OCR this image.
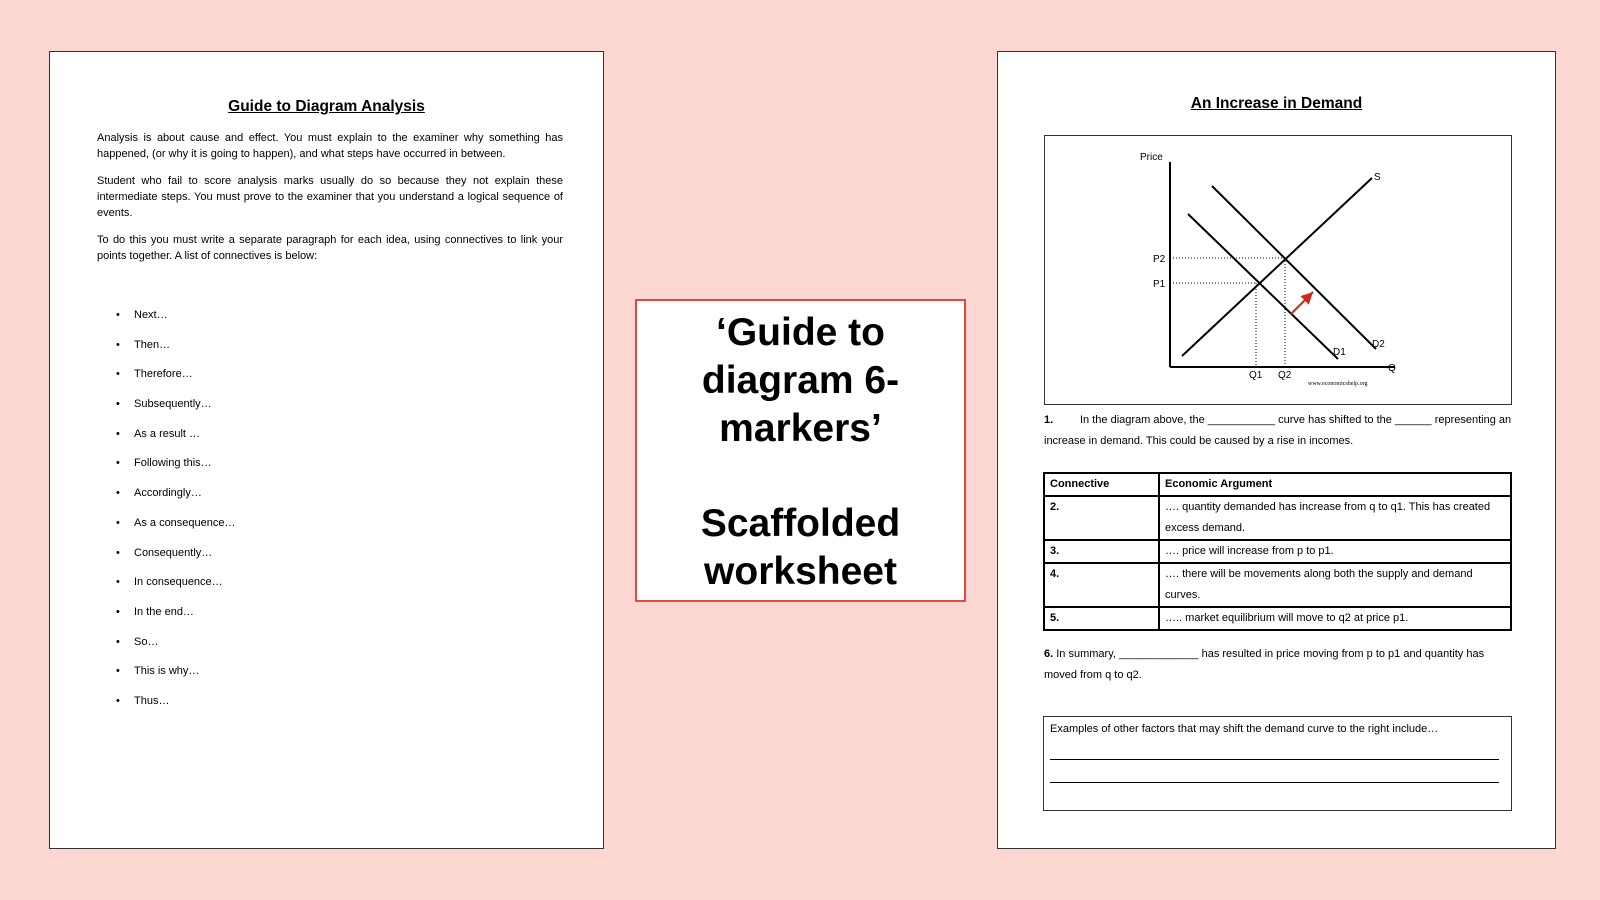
Guide to Diagram Analysis
Analysis is about cause and effect. You must explain to the examiner why something has happened, (or why it is going to happen), and what steps have occurred in between.
Student who fail to score analysis marks usually do so because they not explain these intermediate steps. You must prove to the examiner that you understand a logical sequence of events.
To do this you must write a separate paragraph for each idea, using connectives to link your points together. A list of connectives is below:
• Next…
• Then…
• Therefore…
• Subsequently…
• As a result …
• Following this…
• Accordingly…
• As a consequence…
• Consequently…
• In consequence…
• In the end…
• So…
• This is why…
• Thus…
‘Guide to diagram 6-markers’
Scaffolded worksheet
An Increase in Demand
Price
P2
P1
Q1 Q2
Q
S
D1
D2
www.economicshelp.org
1. In the diagram above, the ___________ curve has shifted to the ______ representing an increase in demand. This could be caused by a rise in incomes.
Connective	Economic Argument
2.	…. quantity demanded has increase from q to q1. This has created excess demand.
3.	…. price will increase from p to p1.
4.	…. there will be movements along both the supply and demand curves.
5.	….. market equilibrium will move to q2 at price p1.
6. In summary, _____________ has resulted in price moving from p to p1 and quantity has moved from q to q2.
Examples of other factors that may shift the demand curve to the right include…
